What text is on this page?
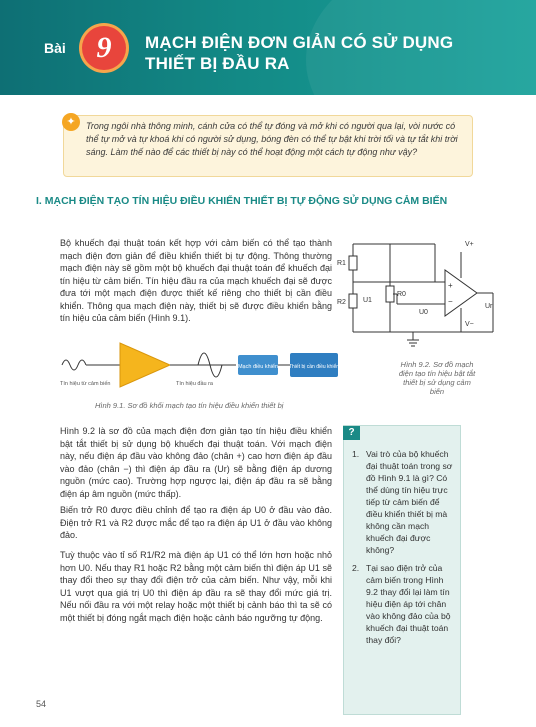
Bài	9	MẠCH ĐIỆN ĐƠN GIẢN CÓ SỬ DỤNG
THIẾT BỊ ĐẦU RA
Trong ngôi nhà thông minh, cánh cửa có thể tự đóng và mở khi có người qua lại, vòi nước có thể tự mở và tự khoá khi có người sử dụng, bóng đèn có thể tự bật khi trời tối và tự tắt khi trời sáng. Làm thế nào để các thiết bị này có thể hoạt động một cách tự động như vậy?
✦
I. MẠCH ĐIỆN TẠO TÍN HIỆU ĐIỀU KHIỂN THIẾT BỊ TỰ ĐỘNG SỬ DỤNG CẢM BIẾN
Bộ khuếch đại thuật toán kết hợp với cảm biến có thể tạo thành mạch điện đơn giản để điều khiển thiết bị tự động. Thông thường mạch điện này sẽ gồm một bộ khuếch đại thuật toán để khuếch đại tín hiệu từ cảm biến. Tín hiệu đầu ra của mạch khuếch đại sẽ được đưa tới một mạch điện được thiết kế riêng cho thiết bị cần điều khiển. Thông qua mạch điện này, thiết bị sẽ được điều khiển bằng tín hiệu của cảm biến (Hình 9.1).
V+
V−
R1
R2
R0
U1
U0
Ur
+
−
Hình 9.2. Sơ đồ mạch điện tạo tín hiệu bật tắt thiết bị sử dụng cảm biến
Mạch điều khiển Thiết bị cần điều khiển
Tín hiệu từ cảm biến	Tín hiệu đầu ra
Hình 9.1. Sơ đồ khối mạch tạo tín hiệu điều khiển thiết bị
Hình 9.2 là sơ đồ của mạch điện đơn giản tạo tín hiệu điều khiển bật tắt thiết bị sử dụng bộ khuếch đại thuật toán. Với mạch điện này, nếu điện áp đầu vào không đảo (chân +) cao hơn điện áp đầu vào đảo (chân −) thì điện áp đầu ra (Ur) sẽ bằng điện áp dương nguồn (mức cao). Trường hợp ngược lại, điện áp đầu ra sẽ bằng điện áp âm nguồn (mức thấp).
Biến trở R0 được điều chỉnh để tạo ra điện áp U0 ở đầu vào đảo. Điện trở R1 và R2 được mắc để tạo ra điện áp U1 ở đầu vào không đảo.
Tuỳ thuộc vào tỉ số R1/R2 mà điện áp U1 có thể lớn hơn hoặc nhỏ hơn U0. Nếu thay R1 hoặc R2 bằng một cảm biến thì điện áp U1 sẽ thay đổi theo sự thay đổi điện trở của cảm biến. Như vậy, mỗi khi U1 vượt qua giá trị U0 thì điện áp đầu ra sẽ thay đổi mức giá trị. Nếu nối đầu ra với một relay hoặc một thiết bị cảnh báo thì ta sẽ có một thiết bị đóng ngắt mạch điện hoặc cảnh báo ngưỡng tự động.
?
1. Vai trò của bộ khuếch đại thuật toán trong sơ đồ Hình 9.1 là gì? Có thể dùng tín hiệu trực tiếp từ cảm biến để điều khiển thiết bị mà không cần mạch khuếch đại được không?
2. Tại sao điện trở của cảm biến trong Hình 9.2 thay đổi lại làm tín hiệu điện áp tới chân vào không đảo của bộ khuếch đại thuật toán thay đổi?
54
